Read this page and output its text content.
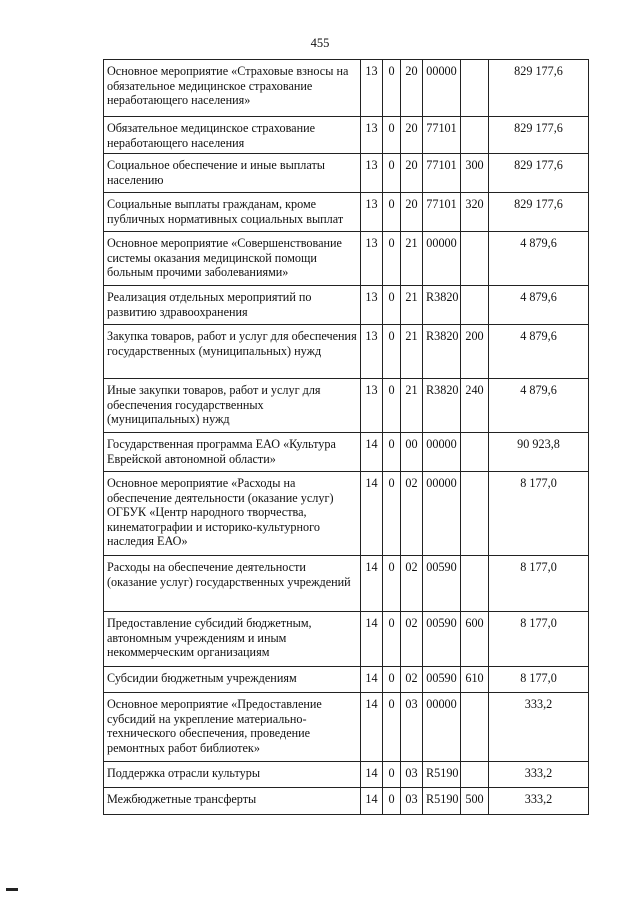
455
Основное мероприятие «Страховые взносы на обязательное медицинское страхование неработающего населения»	13	0	20	00000		829 177,6
Обязательное медицинское страхование неработающего населения	13	0	20	77101		829 177,6
Социальное обеспечение и иные выплаты населению	13	0	20	77101	300	829 177,6
Социальные выплаты гражданам, кроме публичных нормативных социальных выплат	13	0	20	77101	320	829 177,6
Основное мероприятие «Совершенствование системы оказания медицинской помощи больным прочими заболеваниями»	13	0	21	00000		4 879,6
Реализация отдельных мероприятий по развитию здравоохранения	13	0	21	R3820		4 879,6
Закупка товаров, работ и услуг для обеспечения государственных (муниципальных) нужд	13	0	21	R3820	200	4 879,6
Иные закупки товаров, работ и услуг для обеспечения государственных (муниципальных) нужд	13	0	21	R3820	240	4 879,6
Государственная программа ЕАО «Культура Еврейской автономной области»	14	0	00	00000		90 923,8
Основное мероприятие «Расходы на обеспечение деятельности (оказание услуг) ОГБУК «Центр народного творчества, кинематографии и историко-культурного наследия ЕАО»	14	0	02	00000		8 177,0
Расходы на обеспечение деятельности (оказание услуг) государственных учреждений	14	0	02	00590		8 177,0
Предоставление субсидий бюджетным, автономным учреждениям и иным некоммерческим организациям	14	0	02	00590	600	8 177,0
Субсидии бюджетным учреждениям	14	0	02	00590	610	8 177,0
Основное мероприятие «Предоставление субсидий на укрепление материально-технического обеспечения, проведение ремонтных работ библиотек»	14	0	03	00000		333,2
Поддержка отрасли культуры	14	0	03	R5190		333,2
Межбюджетные трансферты	14	0	03	R5190	500	333,2
